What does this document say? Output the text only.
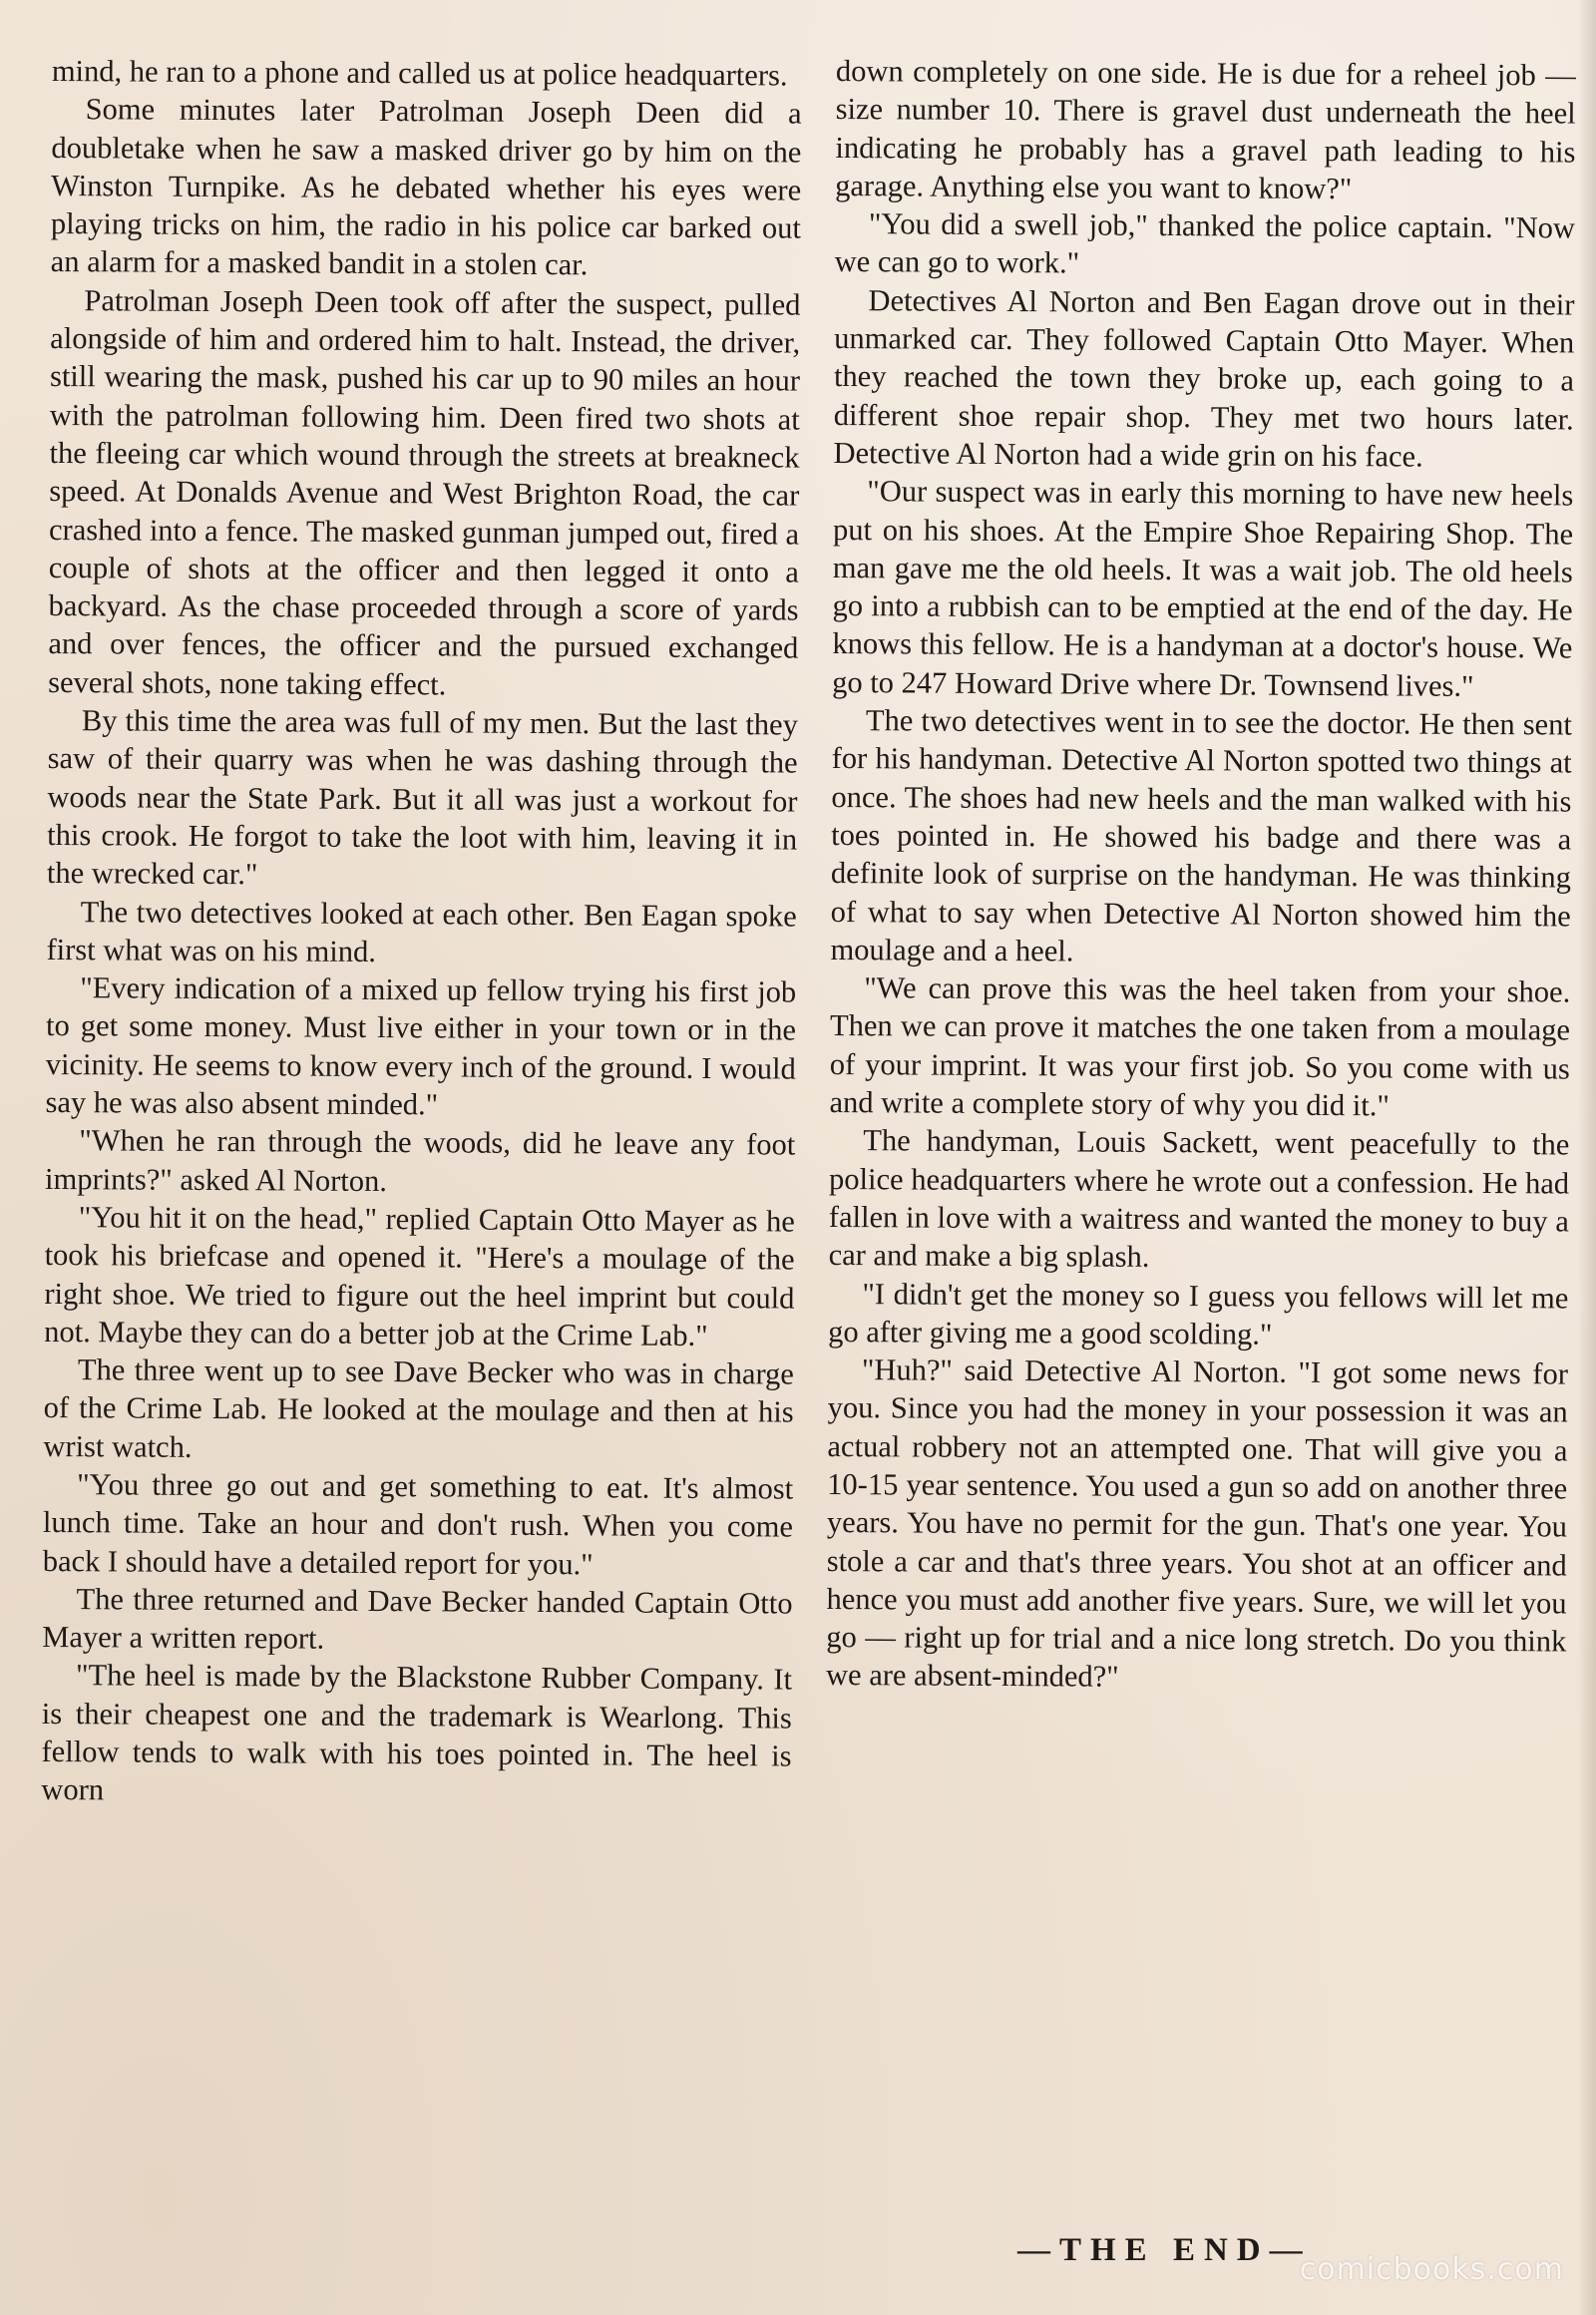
mind, he ran to a phone and called us at police headquarters.

Some minutes later Patrolman Joseph Deen did a doubletake when he saw a masked driver go by him on the Winston Turnpike. As he debated whether his eyes were playing tricks on him, the radio in his police car barked out an alarm for a masked bandit in a stolen car.

Patrolman Joseph Deen took off after the suspect, pulled alongside of him and ordered him to halt. Instead, the driver, still wearing the mask, pushed his car up to 90 miles an hour with the patrolman following him. Deen fired two shots at the fleeing car which wound through the streets at breakneck speed. At Donalds Avenue and West Brighton Road, the car crashed into a fence. The masked gunman jumped out, fired a couple of shots at the officer and then legged it onto a backyard. As the chase proceeded through a score of yards and over fences, the officer and the pursued exchanged several shots, none taking effect.

By this time the area was full of my men. But the last they saw of their quarry was when he was dashing through the woods near the State Park. But it all was just a workout for this crook. He forgot to take the loot with him, leaving it in the wrecked car."

The two detectives looked at each other. Ben Eagan spoke first what was on his mind.

"Every indication of a mixed up fellow trying his first job to get some money. Must live either in your town or in the vicinity. He seems to know every inch of the ground. I would say he was also absent minded."

"When he ran through the woods, did he leave any foot imprints?" asked Al Norton.

"You hit it on the head," replied Captain Otto Mayer as he took his briefcase and opened it. "Here's a moulage of the right shoe. We tried to figure out the heel imprint but could not. Maybe they can do a better job at the Crime Lab."

The three went up to see Dave Becker who was in charge of the Crime Lab. He looked at the moulage and then at his wrist watch.

"You three go out and get something to eat. It's almost lunch time. Take an hour and don't rush. When you come back I should have a detailed report for you."

The three returned and Dave Becker handed Captain Otto Mayer a written report.

"The heel is made by the Blackstone Rubber Company. It is their cheapest one and the trademark is Wearlong. This fellow tends to walk with his toes pointed in. The heel is worn

down completely on one side. He is due for a reheel job — size number 10. There is gravel dust underneath the heel indicating he probably has a gravel path leading to his garage. Anything else you want to know?"

"You did a swell job," thanked the police captain. "Now we can go to work."

Detectives Al Norton and Ben Eagan drove out in their unmarked car. They followed Captain Otto Mayer. When they reached the town they broke up, each going to a different shoe repair shop. They met two hours later. Detective Al Norton had a wide grin on his face.

"Our suspect was in early this morning to have new heels put on his shoes. At the Empire Shoe Repairing Shop. The man gave me the old heels. It was a wait job. The old heels go into a rubbish can to be emptied at the end of the day. He knows this fellow. He is a handyman at a doctor's house. We go to 247 Howard Drive where Dr. Townsend lives."

The two detectives went in to see the doctor. He then sent for his handyman. Detective Al Norton spotted two things at once. The shoes had new heels and the man walked with his toes pointed in. He showed his badge and there was a definite look of surprise on the handyman. He was thinking of what to say when Detective Al Norton showed him the moulage and a heel.

"We can prove this was the heel taken from your shoe. Then we can prove it matches the one taken from a moulage of your imprint. It was your first job. So you come with us and write a complete story of why you did it."

The handyman, Louis Sackett, went peacefully to the police headquarters where he wrote out a confession. He had fallen in love with a waitress and wanted the money to buy a car and make a big splash.

"I didn't get the money so I guess you fellows will let me go after giving me a good scolding."

"Huh?" said Detective Al Norton. "I got some news for you. Since you had the money in your possession it was an actual robbery not an attempted one. That will give you a 10-15 year sentence. You used a gun so add on another three years. You have no permit for the gun. That's one year. You stole a car and that's three years. You shot at an officer and hence you must add another five years. Sure, we will let you go — right up for trial and a nice long stretch. Do you think we are absent-minded?"

—THE END—
comicbooks.com
